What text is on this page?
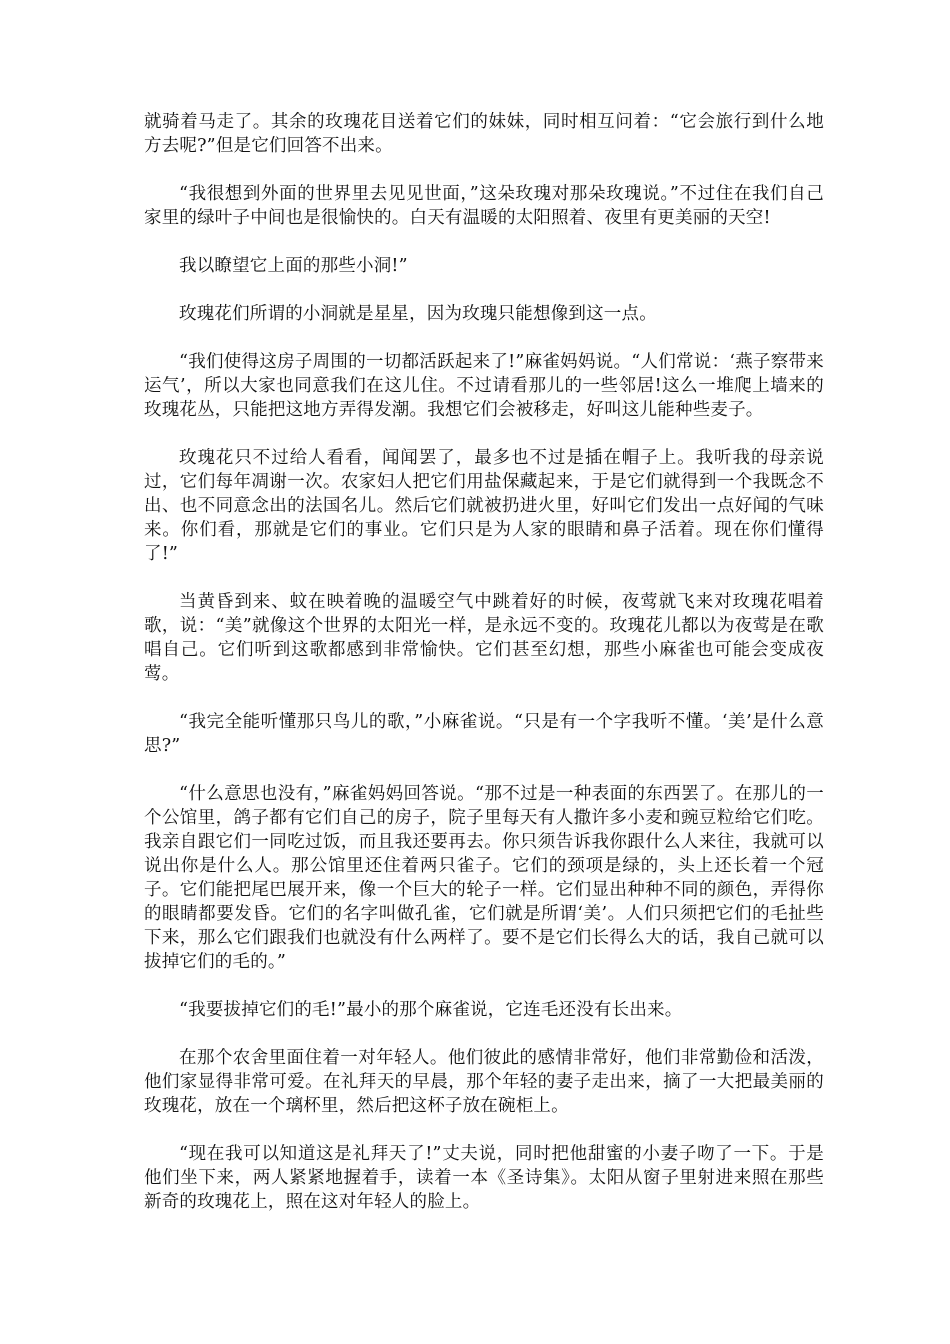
就骑着马走了。其余的玫瑰花目送着它们的妹妹，同时相互问着：“它会旅行到什么地方去呢?”但是它们回答不出来。

“我很想到外面的世界里去见见世面，”这朵玫瑰对那朵玫瑰说。”不过住在我们自己家里的绿叶子中间也是很愉快的。白天有温暖的太阳照着、夜里有更美丽的天空!

我以瞭望它上面的那些小洞!”

玫瑰花们所谓的小洞就是星星，因为玫瑰只能想像到这一点。

“我们使得这房子周围的一切都活跃起来了!”麻雀妈妈说。“人们常说：‘燕子察带来运气’，所以大家也同意我们在这儿住。不过请看那儿的一些邻居!这么一堆爬上墙来的玫瑰花丛，只能把这地方弄得发潮。我想它们会被移走，好叫这儿能种些麦子。

玫瑰花只不过给人看看，闻闻罢了，最多也不过是插在帽子上。我听我的母亲说过，它们每年凋谢一次。农家妇人把它们用盐保藏起来，于是它们就得到一个我既念不出、也不同意念出的法国名儿。然后它们就被扔进火里，好叫它们发出一点好闻的气味来。你们看，那就是它们的事业。它们只是为人家的眼睛和鼻子活着。现在你们懂得了!”

当黄昏到来、蚊在映着晚的温暖空气中跳着好的时候，夜莺就飞来对玫瑰花唱着歌，说：“美”就像这个世界的太阳光一样，是永远不变的。玫瑰花儿都以为夜莺是在歌唱自己。它们听到这歌都感到非常愉快。它们甚至幻想，那些小麻雀也可能会变成夜莺。

“我完全能听懂那只鸟儿的歌，”小麻雀说。“只是有一个字我听不懂。‘美’是什么意思?”

“什么意思也没有，”麻雀妈妈回答说。“那不过是一种表面的东西罢了。在那儿的一个公馆里，鸽子都有它们自己的房子，院子里每天有人撒许多小麦和豌豆粒给它们吃。我亲自跟它们一同吃过饭，而且我还要再去。你只须告诉我你跟什么人来往，我就可以说出你是什么人。那公馆里还住着两只雀子。它们的颈项是绿的，头上还长着一个冠子。它们能把尾巴展开来，像一个巨大的轮子一样。它们显出种种不同的颜色，弄得你的眼睛都要发昏。它们的名字叫做孔雀，它们就是所谓‘美’。人们只须把它们的毛扯些下来，那么它们跟我们也就没有什么两样了。要不是它们长得么大的话，我自己就可以拔掉它们的毛的。”

“我要拔掉它们的毛!”最小的那个麻雀说，它连毛还没有长出来。

在那个农舍里面住着一对年轻人。他们彼此的感情非常好，他们非常勤俭和活泼，他们家显得非常可爱。在礼拜天的早晨，那个年轻的妻子走出来，摘了一大把最美丽的玫瑰花，放在一个璃杯里，然后把这杯子放在碗柜上。

“现在我可以知道这是礼拜天了!”丈夫说，同时把他甜蜜的小妻子吻了一下。于是他们坐下来，两人紧紧地握着手，读着一本《圣诗集》。太阳从窗子里射进来照在那些新奇的玫瑰花上，照在这对年轻人的脸上。
